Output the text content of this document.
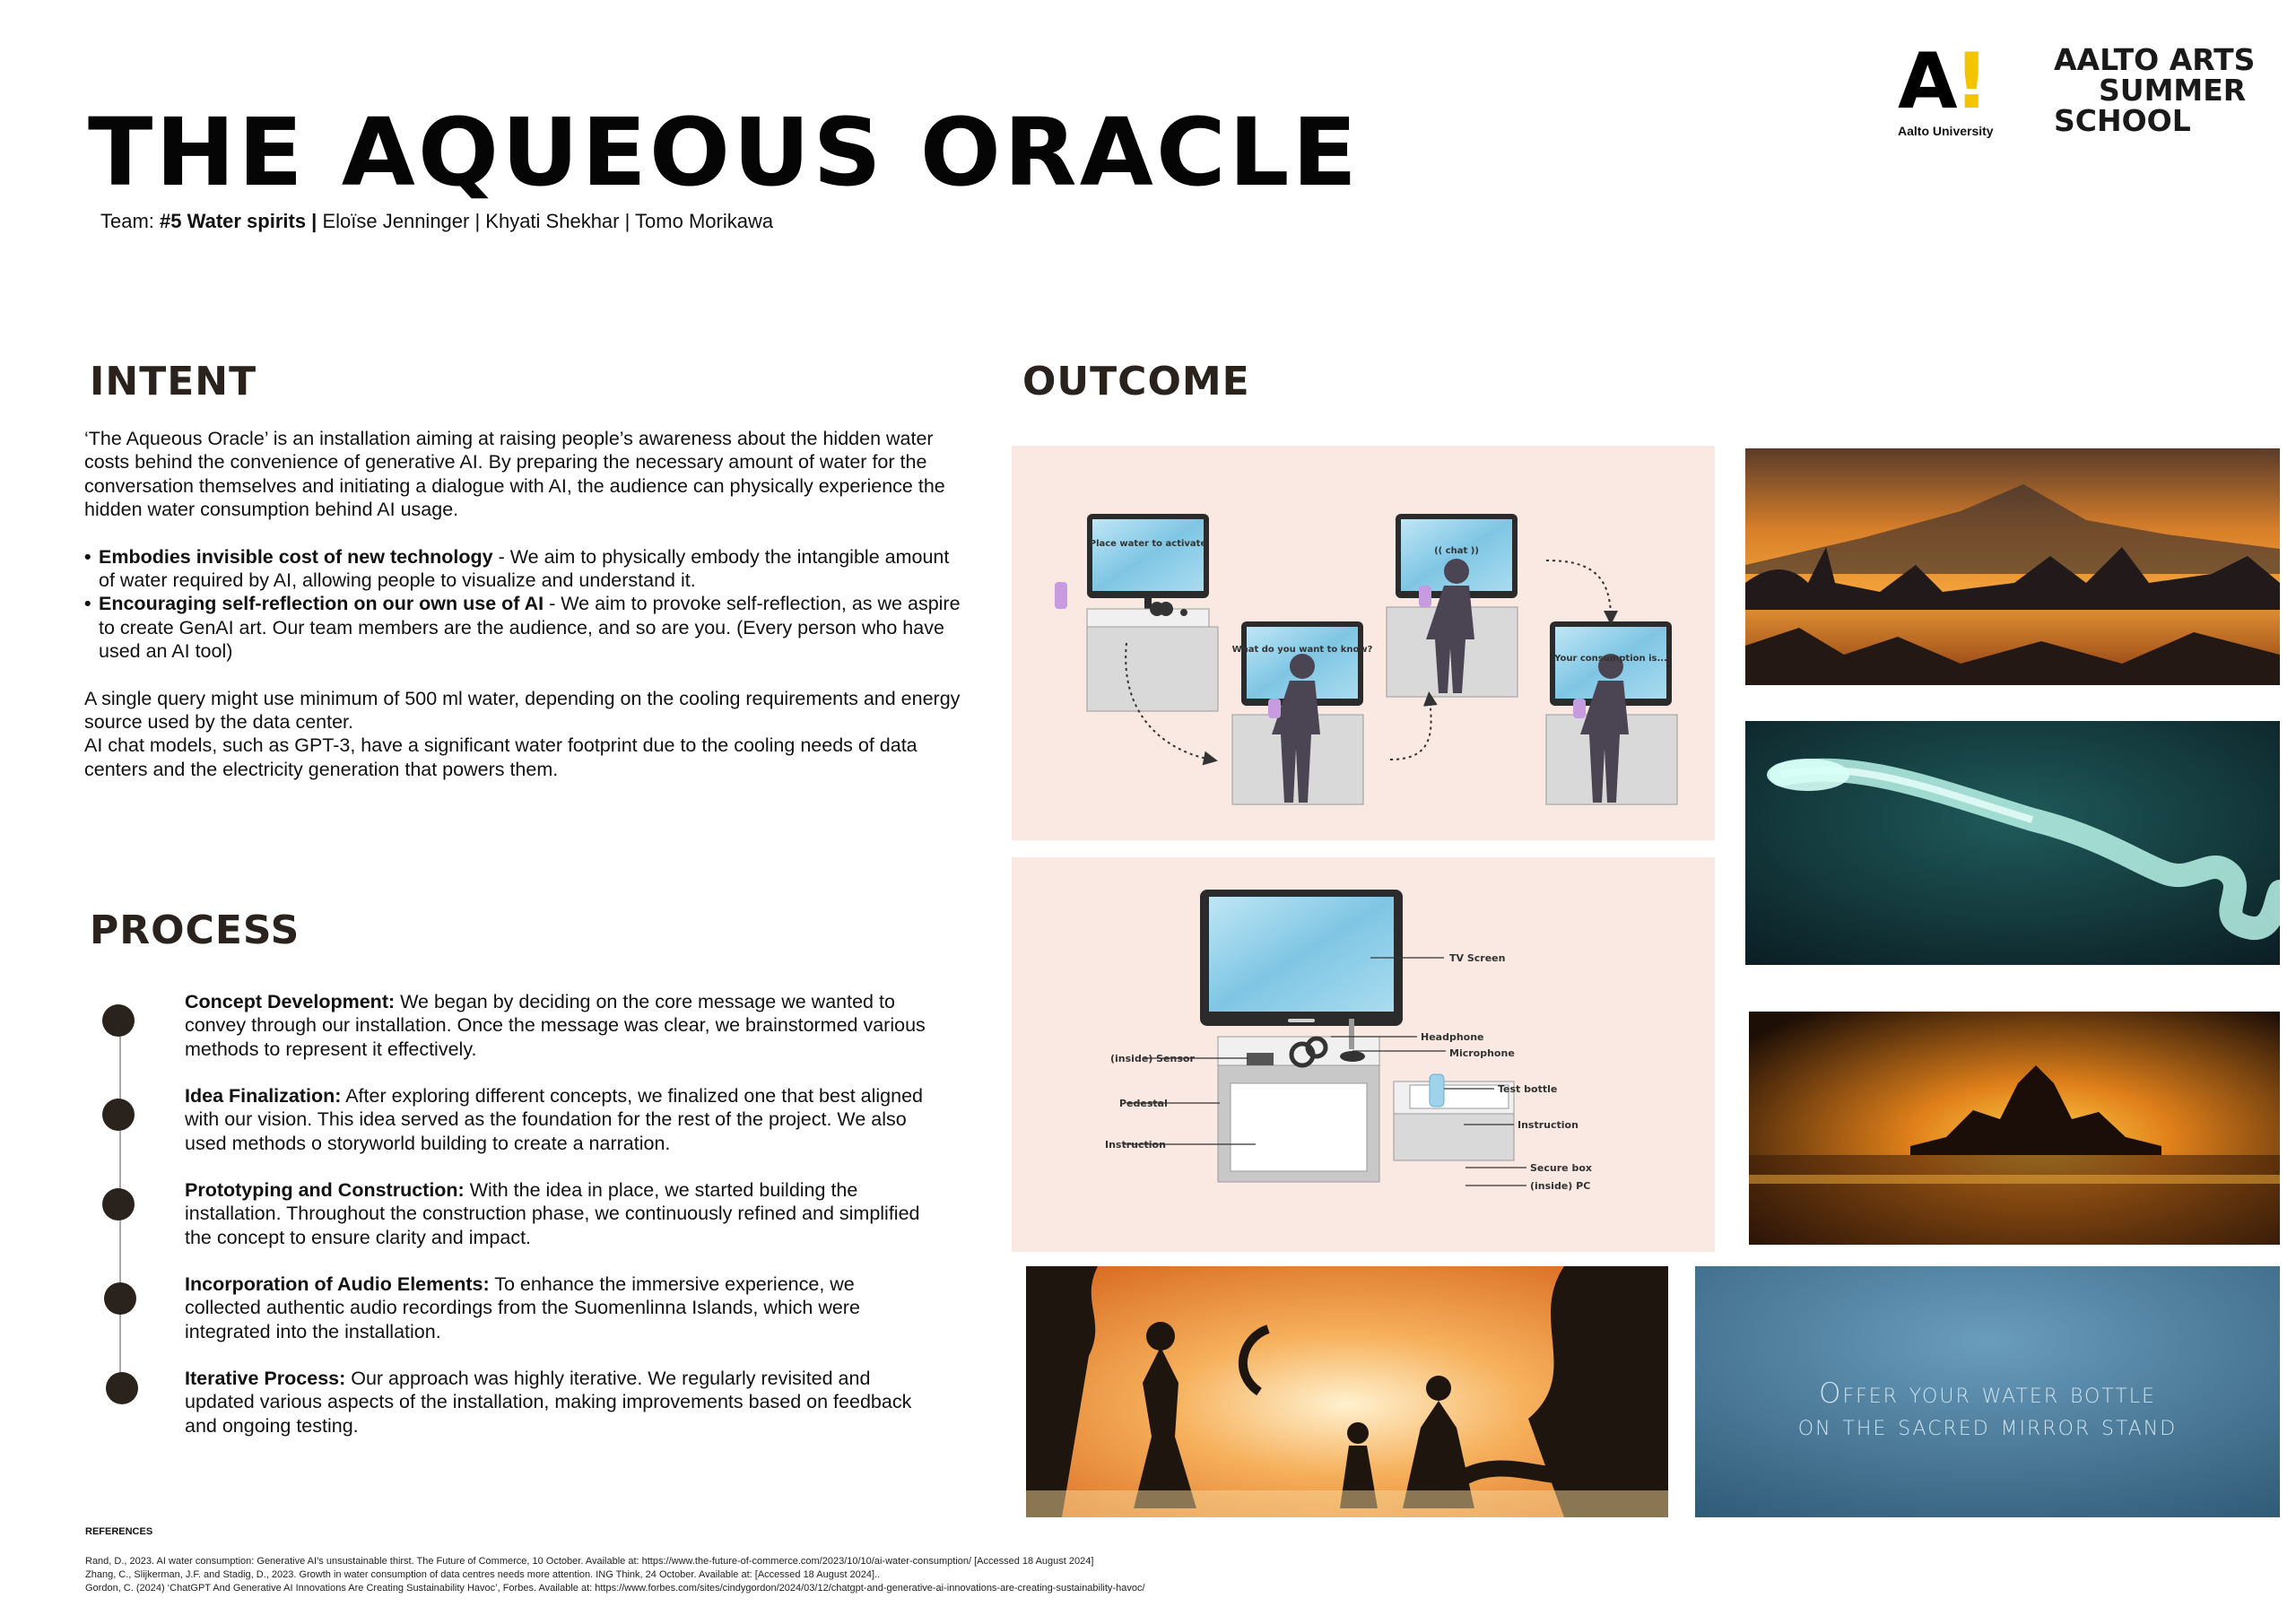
THE AQUEOUS ORACLE
Team: #5 Water spirits | Eloïse Jenninger | Khyati Shekhar | Tomo Morikawa
A!
Aalto University
AALTO ARTS
SUMMER
SCHOOL
INTENT

‘The Aqueous Oracle’ is an installation aiming at raising people’s awareness about the hidden water costs behind the convenience of generative AI. By preparing the necessary amount of water for the conversation themselves and initiating a dialogue with AI, the audience can physically experience the hidden water consumption behind AI usage.

• Embodies invisible cost of new technology - We aim to physically embody the intangible amount of water required by AI, allowing people to visualize and understand it.
• Encouraging self-reflection on our own use of AI - We aim to provoke self-reflection, as we aspire to create GenAI art. Our team members are the audience, and so are you. (Every person who have used an AI tool)

A single query might use minimum of 500 ml water, depending on the cooling requirements and energy source used by the data center.

AI chat models, such as GPT-3, have a significant water footprint due to the cooling needs of data centers and the electricity generation that powers them.

PROCESS
Concept Development: We began by deciding on the core message we wanted to convey through our installation. Once the message was clear, we brainstormed various methods to represent it effectively.
Idea Finalization: After exploring different concepts, we finalized one that best aligned with our vision. This idea served as the foundation for the rest of the project. We also used methods o storyworld building to create a narration.
Prototyping and Construction: With the idea in place, we started building the installation. Throughout the construction phase, we continuously refined and simplified the concept to ensure clarity and impact.
Incorporation of Audio Elements: To enhance the immersive experience, we collected authentic audio recordings from the Suomenlinna Islands, which were integrated into the installation.
Iterative Process: Our approach was highly iterative. We regularly revisited and updated various aspects of the installation, making improvements based on feedback and ongoing testing.
OUTCOME
Place water to activate
What do you want to know?
(( chat ))
Your consumption is...
TV Screen
Headphone
Microphone
(inside) Sensor
Pedestal
Instruction
Test bottle
Instruction
Secure box
(inside) PC
Offer your water bottle
on the sacred mirror stand
REFERENCES
Rand, D., 2023. AI water consumption: Generative AI’s unsustainable thirst. The Future of Commerce, 10 October. Available at: https://www.the-future-of-commerce.com/2023/10/10/ai-water-consumption/ [Accessed 18 August 2024]
Zhang, C., Slijkerman, J.F. and Stadig, D., 2023. Growth in water consumption of data centres needs more attention. ING Think, 24 October. Available at: [Accessed 18 August 2024]..
Gordon, C. (2024) ‘ChatGPT And Generative AI Innovations Are Creating Sustainability Havoc’, Forbes. Available at: https://www.forbes.com/sites/cindygordon/2024/03/12/chatgpt-and-generative-ai-innovations-are-creating-sustainability-havoc/
